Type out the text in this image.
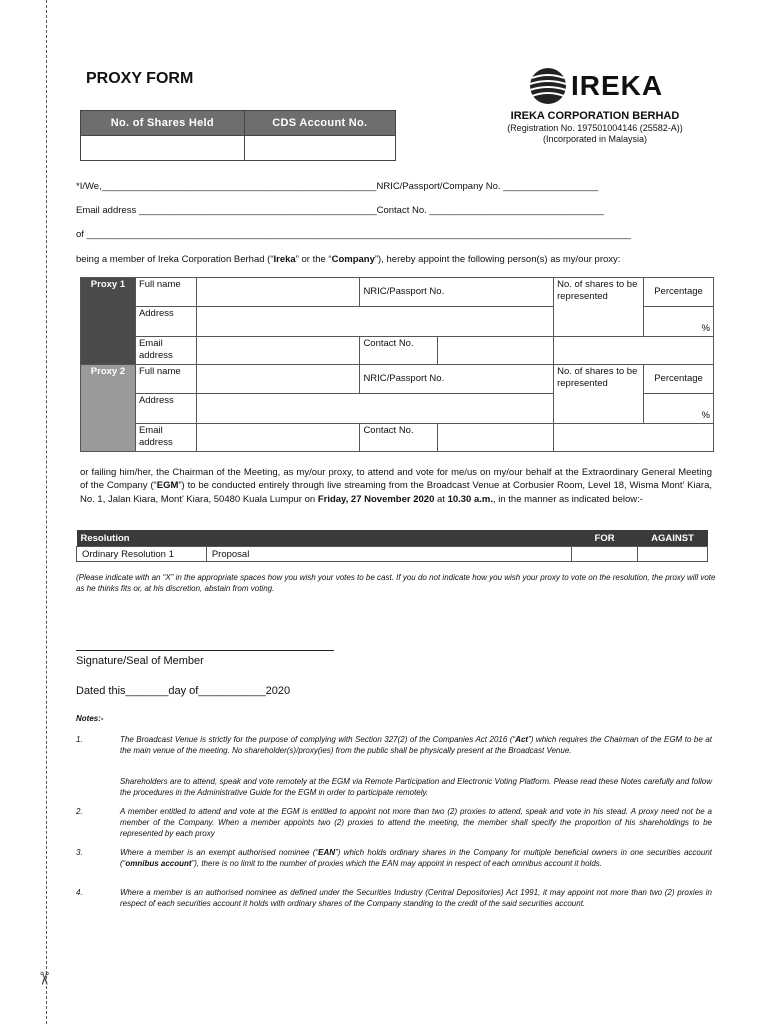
✂
PROXY FORM
No. of Shares Held	CDS Account No.

IREKA
IREKA CORPORATION BERHAD
(Registration No. 197501004146 (25582-A))
(Incorporated in Malaysia)
*I/We,____________________________________________________NRIC/Passport/Company No. __________________
Email address _____________________________________________Contact No. _________________________________
of _______________________________________________________________________________________________________
being a member of Ireka Corporation Berhad (“Ireka” or the “Company”), hereby appoint the following person(s) as my/our proxy:
Proxy 1	Full name		NRIC/Passport No.		No. of shares to be represented	Percentage
	Address					%
	Email address		Contact No.			
Proxy 2	Full name		NRIC/Passport No.		No. of shares to be represented	Percentage
	Address					%
	Email address		Contact No.			
or failing him/her, the Chairman of the Meeting, as my/our proxy, to attend and vote for me/us on my/our behalf at the Extraordinary General Meeting of the Company (“EGM”) to be conducted entirely through live streaming from the Broadcast Venue at Corbusier Room, Level 18, Wisma Mont’ Kiara, No. 1, Jalan Kiara, Mont’ Kiara, 50480 Kuala Lumpur on Friday, 27 November 2020 at 10.30 a.m., in the manner as indicated below:-
Resolution		FOR	AGAINST
Ordinary Resolution 1	Proposal		
(Please indicate with an “X” in the appropriate spaces how you wish your votes to be cast. If you do not indicate how you wish your proxy to vote on the resolution, the proxy will vote as he thinks fits or, at his discretion, abstain from voting.
Signature/Seal of Member
Dated this_______day of___________2020
Notes:-
1.	The Broadcast Venue is strictly for the purpose of complying with Section 327(2) of the Companies Act 2016 (“Act”) which requires the Chairman of the EGM to be at the main venue of the meeting. No shareholder(s)/proxy(ies) from the public shall be physically present at the Broadcast Venue.
Shareholders are to attend, speak and vote remotely at the EGM via Remote Participation and Electronic Voting Platform. Please read these Notes carefully and follow the procedures in the Administrative Guide for the EGM in order to participate remotely.
2.	A member entitled to attend and vote at the EGM is entitled to appoint not more than two (2) proxies to attend, speak and vote in his stead. A proxy need not be a member of the Company. When a member appoints two (2) proxies to attend the meeting, the member shall specify the proportion of his shareholdings to be represented by each proxy
3.	Where a member is an exempt authorised nominee (“EAN”) which holds ordinary shares in the Company for multiple beneficial owners in one securities account (“omnibus account”), there is no limit to the number of proxies which the EAN may appoint in respect of each omnibus account it holds.
4.	Where a member is an authorised nominee as defined under the Securities Industry (Central Depositories) Act 1991, it may appoint not more than two (2) proxies in respect of each securities account it holds with ordinary shares of the Company standing to the credit of the said securities account.
